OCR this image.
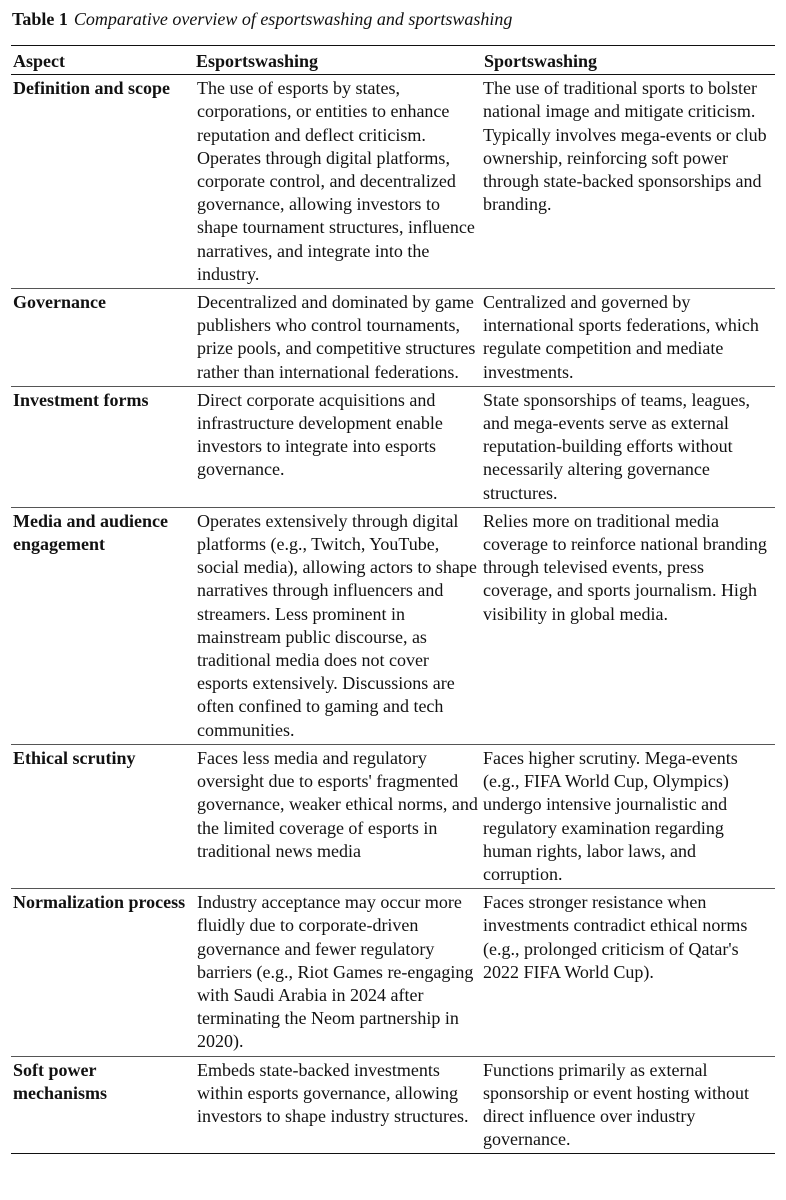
Table 1 Comparative overview of esportswashing and sportswashing
Aspect	Esportswashing	Sportswashing
Definition and scope	The use of esports by states, corporations, or entities to enhance reputation and deflect criticism. Operates through digital platforms, corporate control, and decentralized governance, allowing investors to shape tournament structures, influence narratives, and integrate into the industry.	The use of traditional sports to bolster national image and mitigate criticism. Typically involves mega-events or club ownership, reinforcing soft power through state-backed sponsorships and branding.
Governance	Decentralized and dominated by game publishers who control tournaments, prize pools, and competitive structures rather than international federations.	Centralized and governed by international sports federations, which regulate competition and mediate investments.
Investment forms	Direct corporate acquisitions and infrastructure development enable investors to integrate into esports governance.	State sponsorships of teams, leagues, and mega-events serve as external reputation-building efforts without necessarily altering governance structures.
Media and audience engagement	Operates extensively through digital platforms (e.g., Twitch, YouTube, social media), allowing actors to shape narratives through influencers and streamers. Less prominent in mainstream public discourse, as traditional media does not cover esports extensively. Discussions are often confined to gaming and tech communities.	Relies more on traditional media coverage to reinforce national branding through televised events, press coverage, and sports journalism. High visibility in global media.
Ethical scrutiny	Faces less media and regulatory oversight due to esports' fragmented governance, weaker ethical norms, and the limited coverage of esports in traditional news media	Faces higher scrutiny. Mega-events (e.g., FIFA World Cup, Olympics) undergo intensive journalistic and regulatory examination regarding human rights, labor laws, and corruption.
Normalization process	Industry acceptance may occur more fluidly due to corporate-driven governance and fewer regulatory barriers (e.g., Riot Games re-engaging with Saudi Arabia in 2024 after terminating the Neom partnership in 2020).	Faces stronger resistance when investments contradict ethical norms (e.g., prolonged criticism of Qatar's 2022 FIFA World Cup).
Soft power mechanisms	Embeds state-backed investments within esports governance, allowing investors to shape industry structures.	Functions primarily as external sponsorship or event hosting without direct influence over industry governance.
